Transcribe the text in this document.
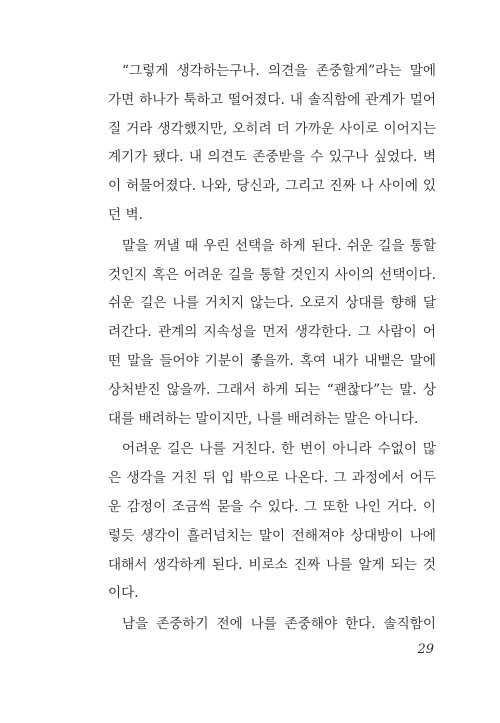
“그렇게 생각하는구나. 의견을 존중할게”라는 말에
가면 하나가 툭하고 떨어졌다. 내 솔직함에 관계가 멀어
질 거라 생각했지만, 오히려 더 가까운 사이로 이어지는
계기가 됐다. 내 의견도 존중받을 수 있구나 싶었다. 벽
이 허물어졌다. 나와, 당신과, 그리고 진짜 나 사이에 있
던 벽.
말을 꺼낼 때 우린 선택을 하게 된다. 쉬운 길을 통할
것인지 혹은 어려운 길을 통할 것인지 사이의 선택이다.
쉬운 길은 나를 거치지 않는다. 오로지 상대를 향해 달
려간다. 관계의 지속성을 먼저 생각한다. 그 사람이 어
떤 말을 들어야 기분이 좋을까. 혹여 내가 내뱉은 말에
상처받진 않을까. 그래서 하게 되는 “괜찮다”는 말. 상
대를 배려하는 말이지만, 나를 배려하는 말은 아니다.
어려운 길은 나를 거친다. 한 번이 아니라 수없이 많
은 생각을 거친 뒤 입 밖으로 나온다. 그 과정에서 어두
운 감정이 조금씩 묻을 수 있다. 그 또한 나인 거다. 이
렇듯 생각이 흘러넘치는 말이 전해져야 상대방이 나에
대해서 생각하게 된다. 비로소 진짜 나를 알게 되는 것
이다.
남을 존중하기 전에 나를 존중해야 한다. 솔직함이
29
